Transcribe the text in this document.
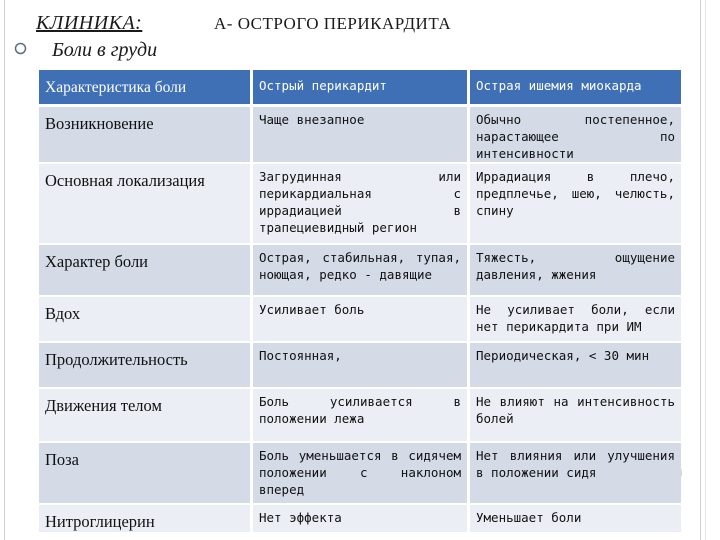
КЛИНИКА:	А- ОСТРОГО ПЕРИКАРДИТА
Боли в груди
Характеристика боли	Острый перикардит	Острая ишемия миокарда
Возникновение	Чаще внезапное	Обычно постепенное, нарастающее по интенсивности
Основная локализация	Загрудинная или перикардиальная с иррадиацией в трапециевидный регион	Иррадиация в плечо, предплечье, шею, челюсть, спину
Характер боли	Острая, стабильная, тупая, ноющая, редко - давящие	Тяжесть, ощущение давления, жжения
Вдох	Усиливает боль	Не усиливает боли, если нет перикардита при ИМ
Продолжительность	Постоянная,	Периодическая, < 30 мин
Движения телом	Боль усиливается в положении лежа	Не влияют на интенсивность болей
Поза	Боль уменьшается в сидячем положении с наклоном вперед	Нет влияния или улучшения в положении сидя
Нитроглицерин	Нет эффекта	Уменьшает боли
